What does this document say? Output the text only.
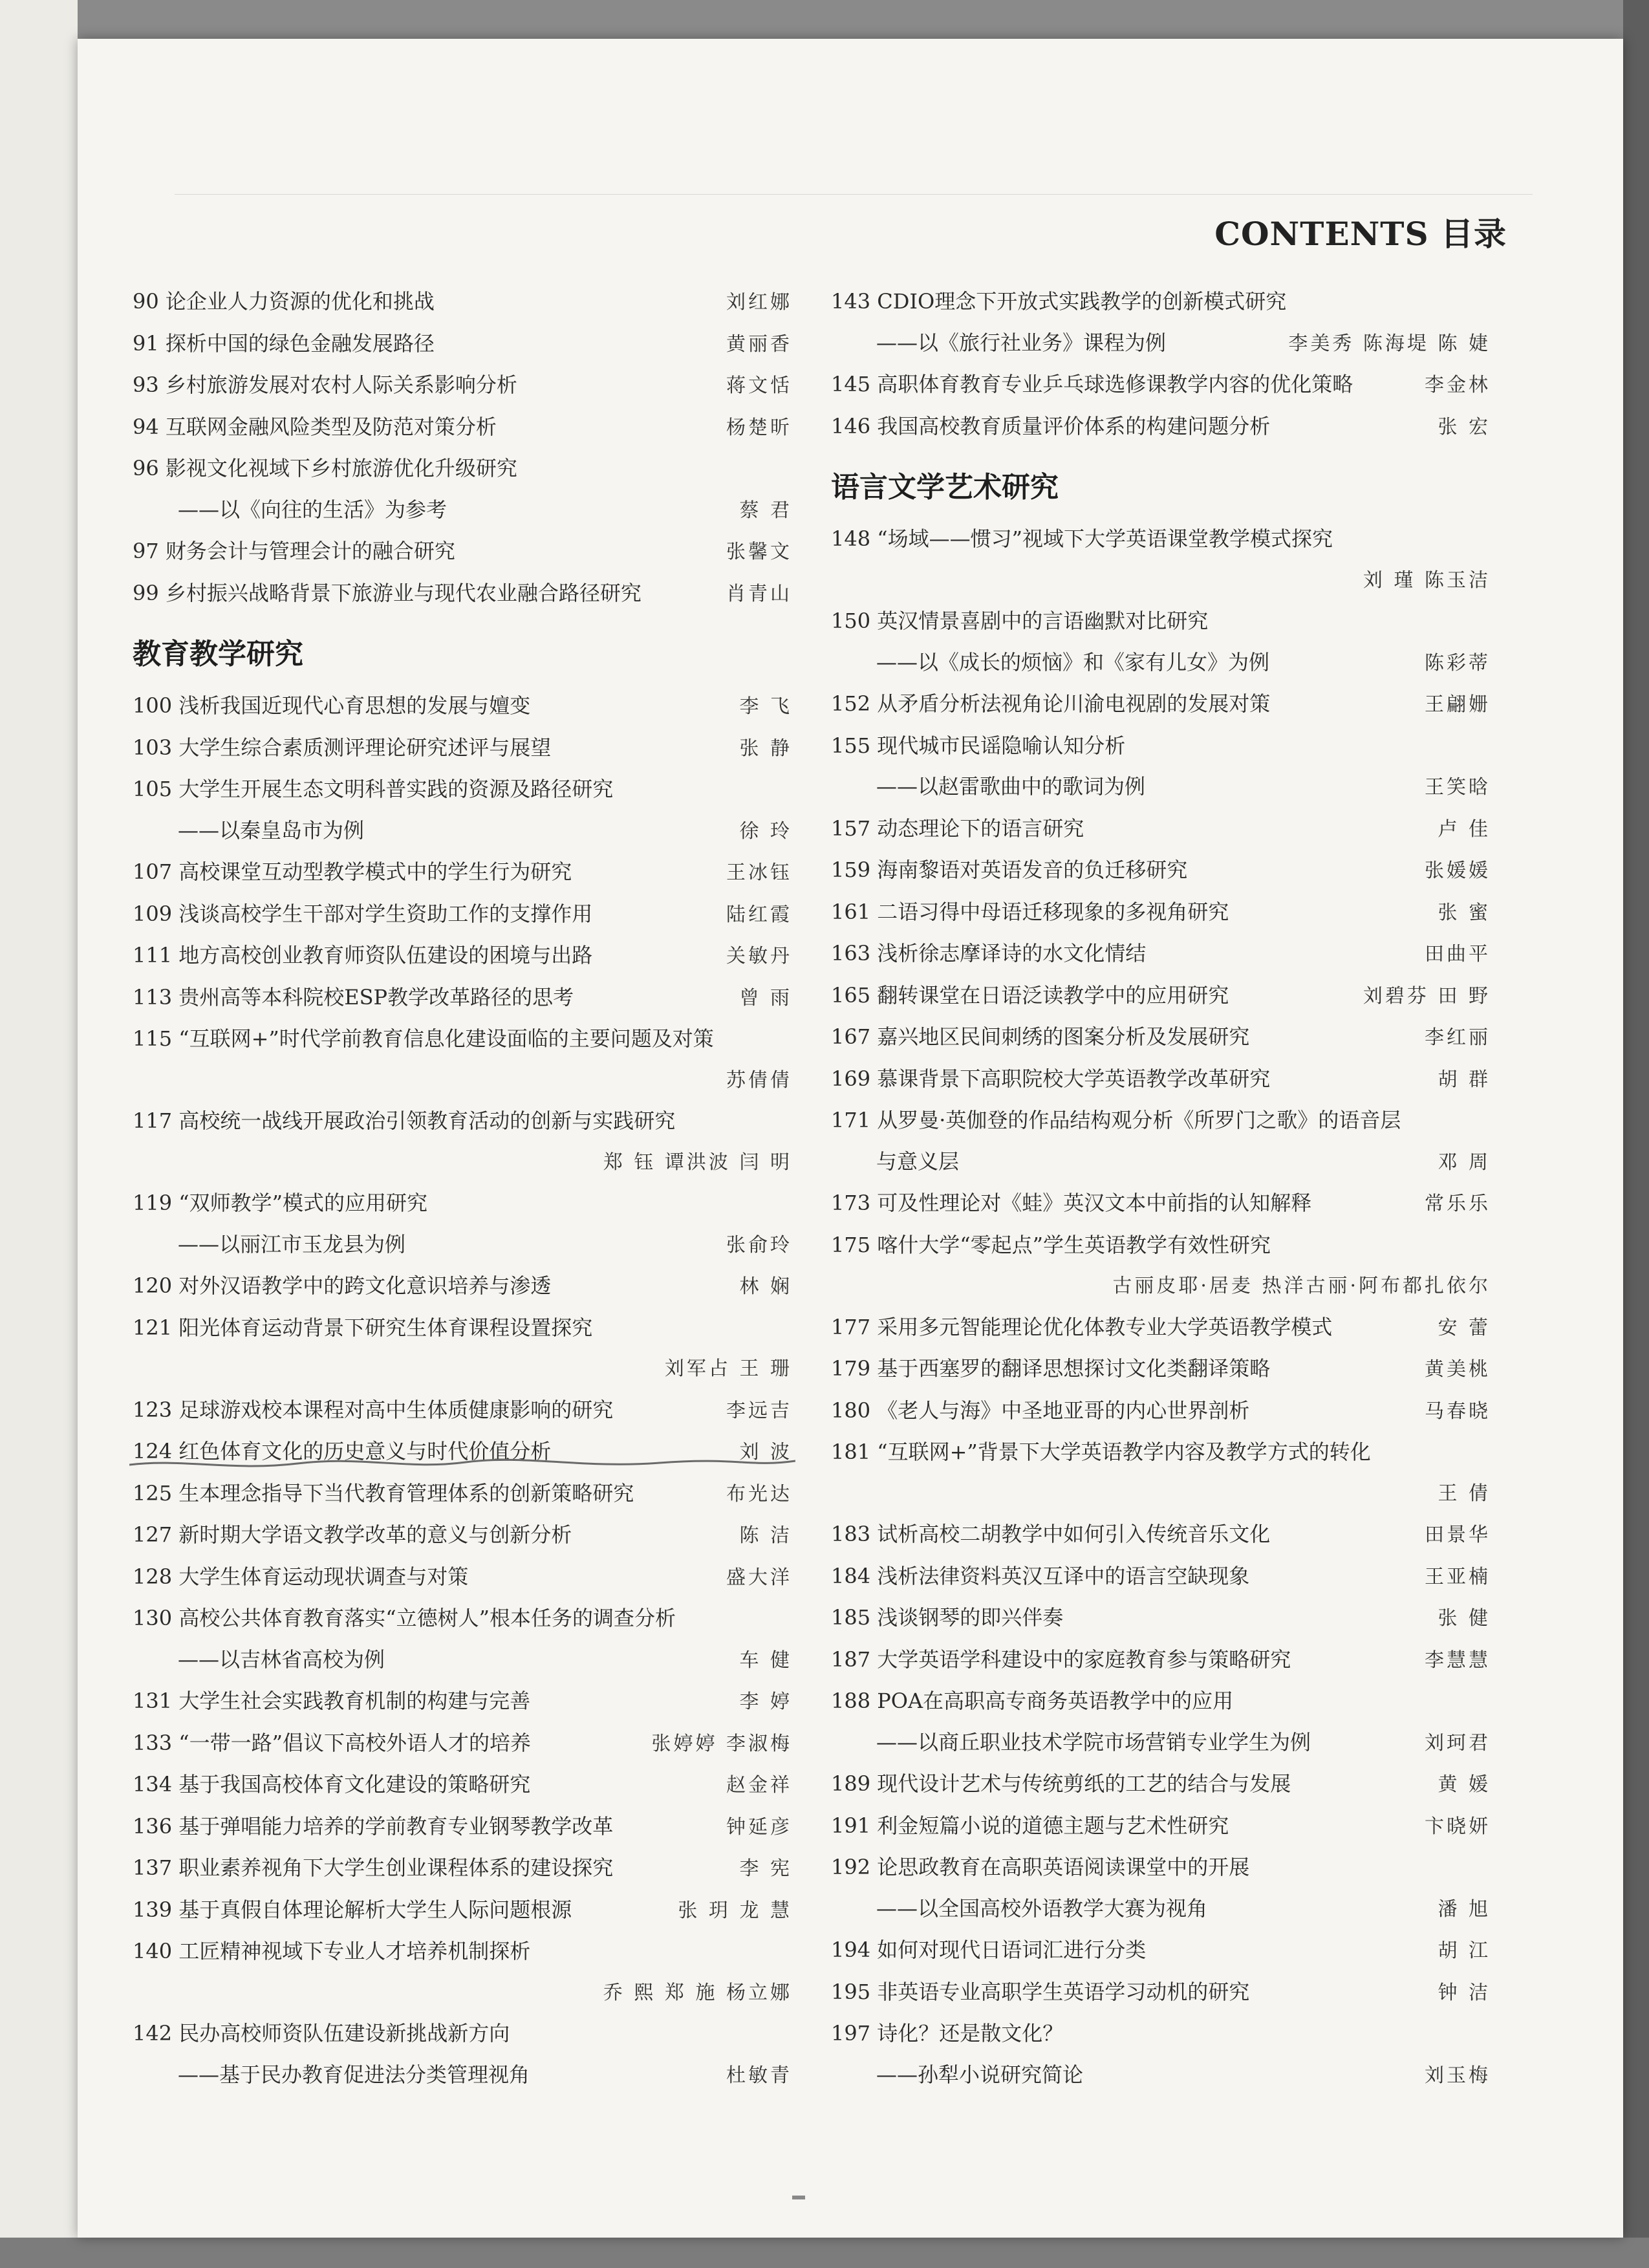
CONTENTS 目录
90 论企业人力资源的优化和挑战	刘红娜
91 探析中国的绿色金融发展路径	黄丽香
93 乡村旅游发展对农村人际关系影响分析	蒋文恬
94 互联网金融风险类型及防范对策分析	杨楚昕
96 影视文化视域下乡村旅游优化升级研究
——以《向往的生活》为参考	蔡 君
97 财务会计与管理会计的融合研究	张馨文
99 乡村振兴战略背景下旅游业与现代农业融合路径研究	肖青山
教育教学研究
100 浅析我国近现代心育思想的发展与嬗变	李 飞
103 大学生综合素质测评理论研究述评与展望	张 静
105 大学生开展生态文明科普实践的资源及路径研究
——以秦皇岛市为例	徐 玲
107 高校课堂互动型教学模式中的学生行为研究	王冰钰
109 浅谈高校学生干部对学生资助工作的支撑作用	陆红霞
111 地方高校创业教育师资队伍建设的困境与出路	关敏丹
113 贵州高等本科院校ESP教学改革路径的思考	曾 雨
115 “互联网+”时代学前教育信息化建设面临的主要问题及对策
苏倩倩
117 高校统一战线开展政治引领教育活动的创新与实践研究
郑 钰 谭洪波 闫 明
119 “双师教学”模式的应用研究
——以丽江市玉龙县为例	张俞玲
120 对外汉语教学中的跨文化意识培养与渗透	林 娴
121 阳光体育运动背景下研究生体育课程设置探究
刘军占 王 珊
123 足球游戏校本课程对高中生体质健康影响的研究	李远吉
124 红色体育文化的历史意义与时代价值分析	刘 波
125 生本理念指导下当代教育管理体系的创新策略研究	布光达
127 新时期大学语文教学改革的意义与创新分析	陈 洁
128 大学生体育运动现状调查与对策	盛大洋
130 高校公共体育教育落实“立德树人”根本任务的调查分析
——以吉林省高校为例	车 健
131 大学生社会实践教育机制的构建与完善	李 婷
133 “一带一路”倡议下高校外语人才的培养	张婷婷 李淑梅
134 基于我国高校体育文化建设的策略研究	赵金祥
136 基于弹唱能力培养的学前教育专业钢琴教学改革	钟延彦
137 职业素养视角下大学生创业课程体系的建设探究	李 宪
139 基于真假自体理论解析大学生人际问题根源	张 玥 龙 慧
140 工匠精神视域下专业人才培养机制探析
乔 熙 郑 施 杨立娜
142 民办高校师资队伍建设新挑战新方向
——基于民办教育促进法分类管理视角	杜敏青
143 CDIO理念下开放式实践教学的创新模式研究
——以《旅行社业务》课程为例	李美秀 陈海堤 陈 婕
145 高职体育教育专业乒乓球选修课教学内容的优化策略	李金林
146 我国高校教育质量评价体系的构建问题分析	张 宏
语言文学艺术研究
148 “场域——惯习”视域下大学英语课堂教学模式探究
刘 瑾 陈玉洁
150 英汉情景喜剧中的言语幽默对比研究
——以《成长的烦恼》和《家有儿女》为例	陈彩蒂
152 从矛盾分析法视角论川渝电视剧的发展对策	王翩姗
155 现代城市民谣隐喻认知分析
——以赵雷歌曲中的歌词为例	王笑晗
157 动态理论下的语言研究	卢 佳
159 海南黎语对英语发音的负迁移研究	张媛媛
161 二语习得中母语迁移现象的多视角研究	张 蜜
163 浅析徐志摩译诗的水文化情结	田曲平
165 翻转课堂在日语泛读教学中的应用研究	刘碧芬 田 野
167 嘉兴地区民间刺绣的图案分析及发展研究	李红丽
169 慕课背景下高职院校大学英语教学改革研究	胡 群
171 从罗曼·英伽登的作品结构观分析《所罗门之歌》的语音层
与意义层	邓 周
173 可及性理论对《蛙》英汉文本中前指的认知解释	常乐乐
175 喀什大学“零起点”学生英语教学有效性研究
古丽皮耶·居麦 热洋古丽·阿布都扎依尔
177 采用多元智能理论优化体教专业大学英语教学模式	安 蕾
179 基于西塞罗的翻译思想探讨文化类翻译策略	黄美桃
180 《老人与海》中圣地亚哥的内心世界剖析	马春晓
181 “互联网+”背景下大学英语教学内容及教学方式的转化
王 倩
183 试析高校二胡教学中如何引入传统音乐文化	田景华
184 浅析法律资料英汉互译中的语言空缺现象	王亚楠
185 浅谈钢琴的即兴伴奏	张 健
187 大学英语学科建设中的家庭教育参与策略研究	李慧慧
188 POA在高职高专商务英语教学中的应用
——以商丘职业技术学院市场营销专业学生为例	刘珂君
189 现代设计艺术与传统剪纸的工艺的结合与发展	黄 媛
191 利金短篇小说的道德主题与艺术性研究	卞晓妍
192 论思政教育在高职英语阅读课堂中的开展
——以全国高校外语教学大赛为视角	潘 旭
194 如何对现代日语词汇进行分类	胡 江
195 非英语专业高职学生英语学习动机的研究	钟 洁
197 诗化？还是散文化？
——孙犁小说研究简论	刘玉梅
